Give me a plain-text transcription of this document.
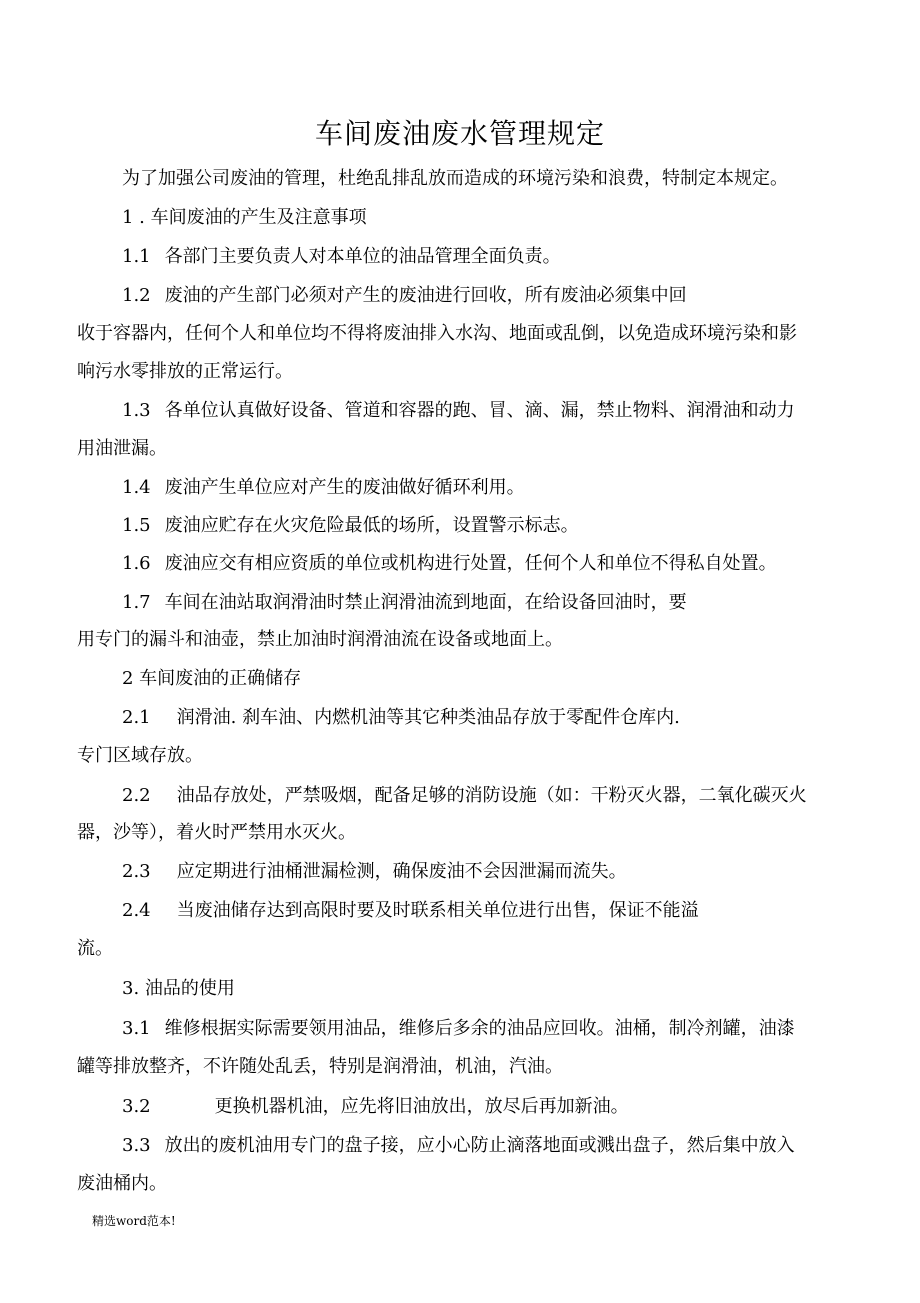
车间废油废水管理规定
为了加强公司废油的管理，杜绝乱排乱放而造成的环境污染和浪费，特制定本规定。
1 . 车间废油的产生及注意事项
1.1 各部门主要负责人对本单位的油品管理全面负责。
1.2 废油的产生部门必须对产生的废油进行回收，所有废油必须集中回
收于容器内，任何个人和单位均不得将废油排入水沟、地面或乱倒，以免造成环境污染和影
响污水零排放的正常运行。
1.3 各单位认真做好设备、管道和容器的跑、冒、滴、漏，禁止物料、润滑油和动力
用油泄漏。
1.4 废油产生单位应对产生的废油做好循环利用。
1.5 废油应贮存在火灾危险最低的场所，设置警示标志。
1.6 废油应交有相应资质的单位或机构进行处置，任何个人和单位不得私自处置。
1.7 车间在油站取润滑油时禁止润滑油流到地面，在给设备回油时，要
用专门的漏斗和油壶，禁止加油时润滑油流在设备或地面上。
2 车间废油的正确储存
2.1 润滑油. 刹车油、内燃机油等其它种类油品存放于零配件仓库内.
专门区域存放。
2.2 油品存放处，严禁吸烟，配备足够的消防设施（如：干粉灭火器，二氧化碳灭火
器，沙等），着火时严禁用水灭火。
2.3 应定期进行油桶泄漏检测，确保废油不会因泄漏而流失。
2.4 当废油储存达到高限时要及时联系相关单位进行出售，保证不能溢
流。
3. 油品的使用
3.1 维修根据实际需要领用油品，维修后多余的油品应回收。油桶，制冷剂罐，油漆
罐等排放整齐，不许随处乱丢，特别是润滑油，机油，汽油。
3.2	更换机器机油，应先将旧油放出，放尽后再加新油。
3.3 放出的废机油用专门的盘子接，应小心防止滴落地面或溅出盘子，然后集中放入
废油桶内。
精选word范本!
